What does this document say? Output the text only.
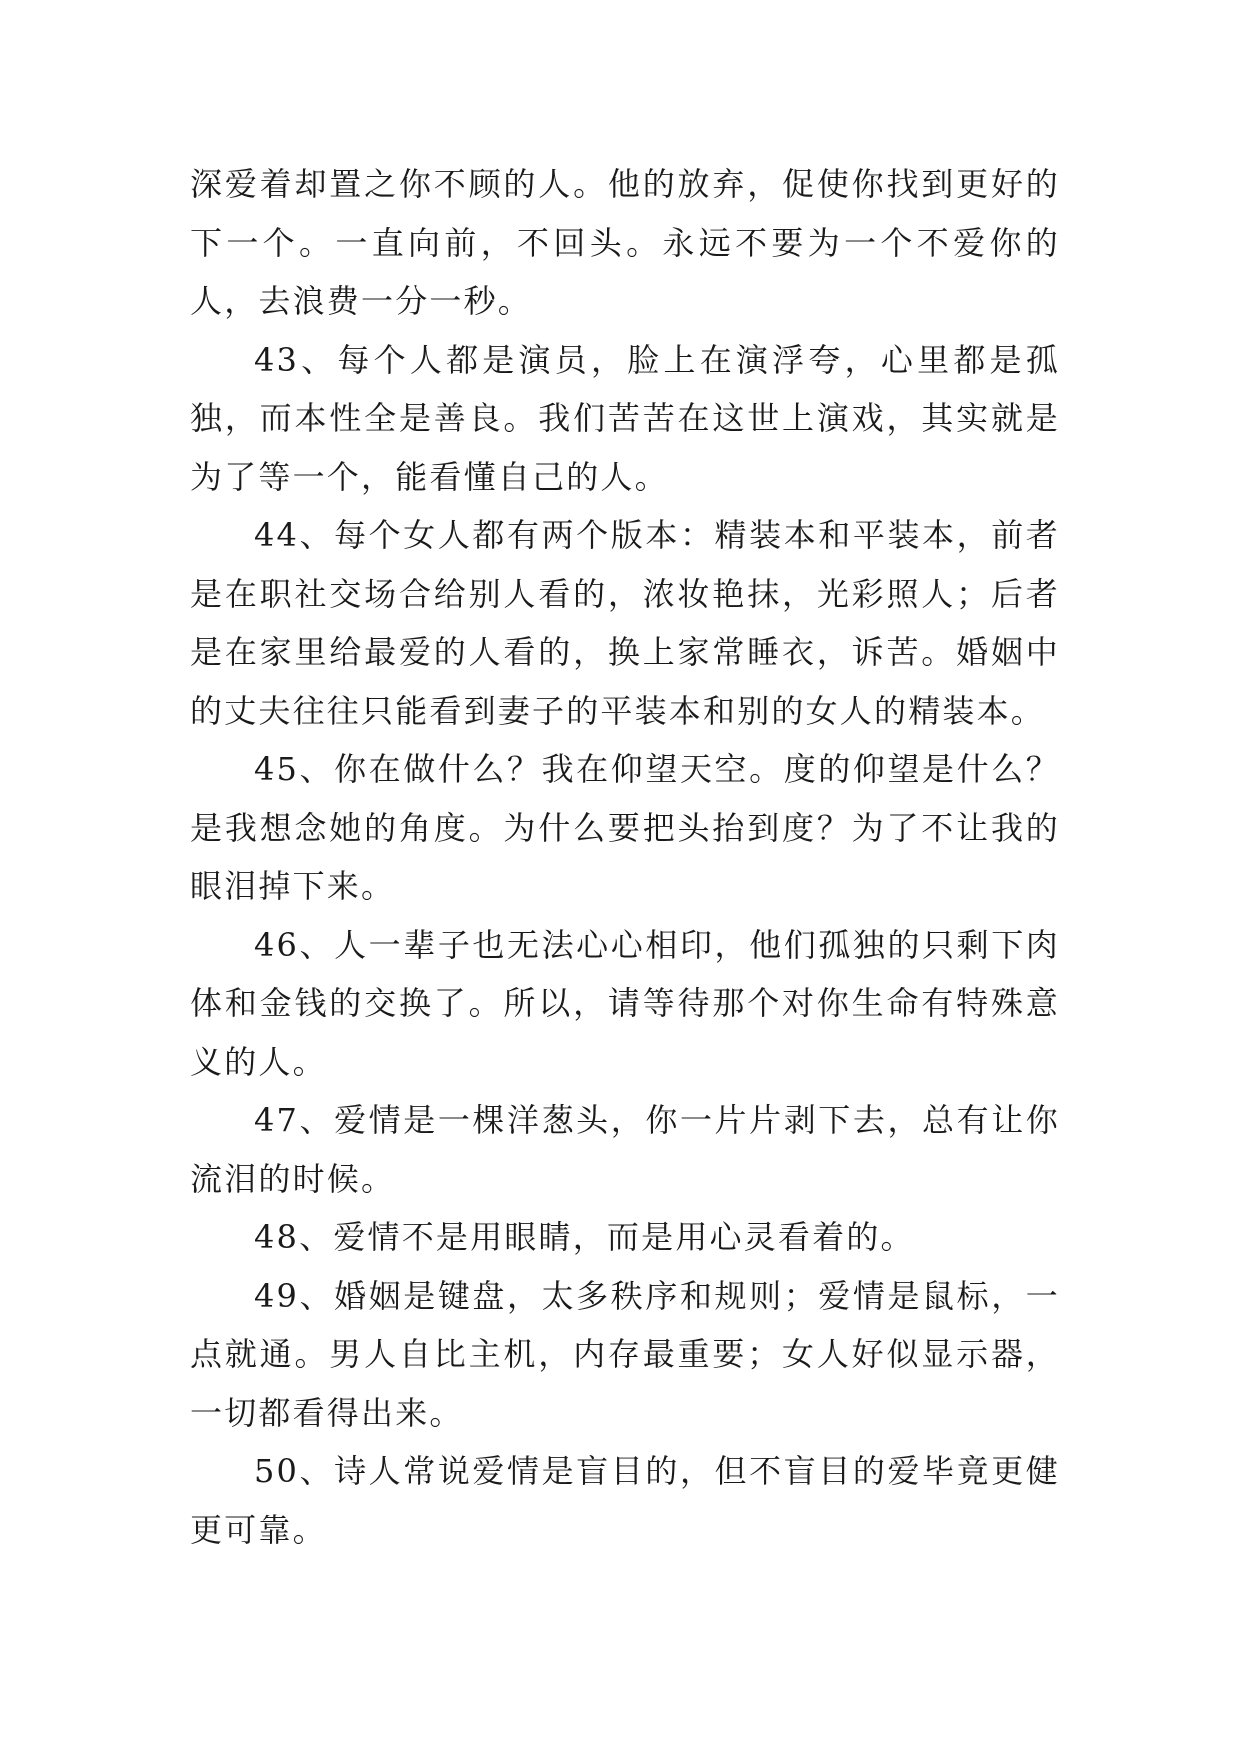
深爱着却置之你不顾的人。他的放弃，促使你找到更好的下一个。一直向前，不回头。永远不要为一个不爱你的人，去浪费一分一秒。

43、每个人都是演员，脸上在演浮夸，心里都是孤独，而本性全是善良。我们苦苦在这世上演戏，其实就是为了等一个，能看懂自己的人。

44、每个女人都有两个版本：精装本和平装本，前者是在职社交场合给别人看的，浓妆艳抹，光彩照人；后者是在家里给最爱的人看的，换上家常睡衣，诉苦。婚姻中的丈夫往往只能看到妻子的平装本和别的女人的精装本。

45、你在做什么？我在仰望天空。度的仰望是什么？是我想念她的角度。为什么要把头抬到度？为了不让我的眼泪掉下来。

46、人一辈子也无法心心相印，他们孤独的只剩下肉体和金钱的交换了。所以，请等待那个对你生命有特殊意义的人。

47、爱情是一棵洋葱头，你一片片剥下去，总有让你流泪的时候。

48、爱情不是用眼睛，而是用心灵看着的。

49、婚姻是键盘，太多秩序和规则；爱情是鼠标，一点就通。男人自比主机，内存最重要；女人好似显示器，一切都看得出来。

50、诗人常说爱情是盲目的，但不盲目的爱毕竟更健更可靠。
